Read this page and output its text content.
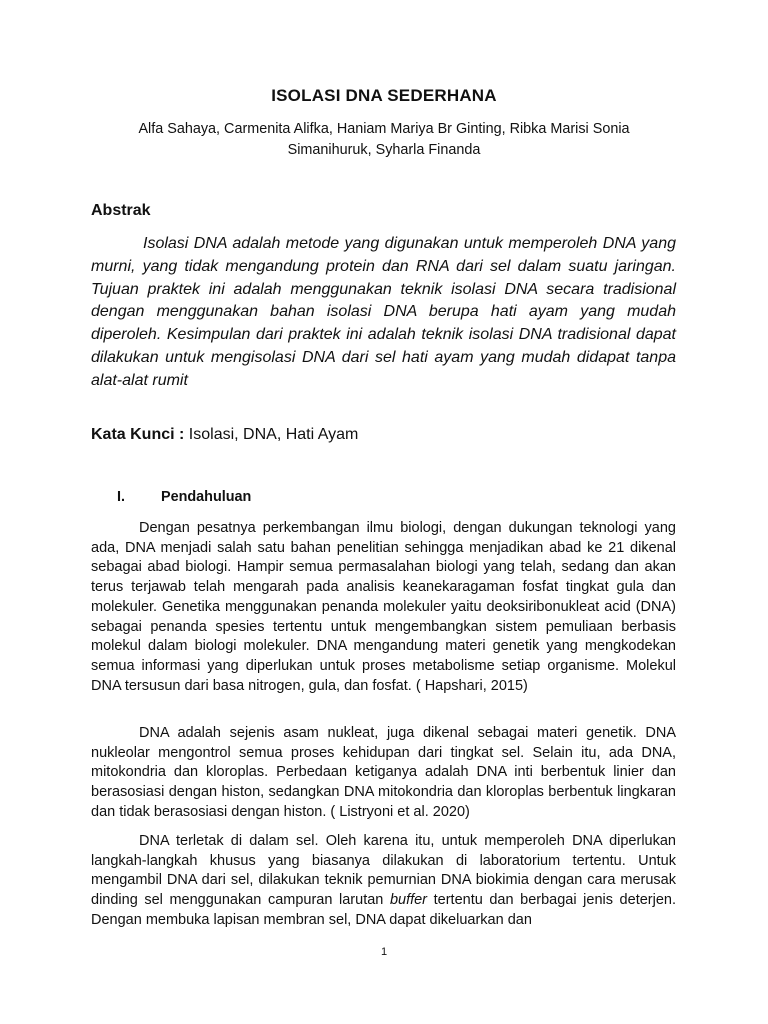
ISOLASI DNA SEDERHANA
Alfa Sahaya, Carmenita Alifka, Haniam Mariya Br Ginting, Ribka Marisi Sonia Simanihuruk, Syharla Finanda
Abstrak

Isolasi DNA adalah metode yang digunakan untuk memperoleh DNA yang murni, yang tidak mengandung protein dan RNA dari sel dalam suatu jaringan. Tujuan praktek ini adalah menggunakan teknik isolasi DNA secara tradisional dengan menggunakan bahan isolasi DNA berupa hati ayam yang mudah diperoleh. Kesimpulan dari praktek ini adalah teknik isolasi DNA tradisional dapat dilakukan untuk mengisolasi DNA dari sel hati ayam yang mudah didapat tanpa alat-alat rumit

Kata Kunci : Isolasi, DNA, Hati Ayam
I.	Pendahuluan

Dengan pesatnya perkembangan ilmu biologi, dengan dukungan teknologi yang ada, DNA menjadi salah satu bahan penelitian sehingga menjadikan abad ke 21 dikenal sebagai abad biologi. Hampir semua permasalahan biologi yang telah, sedang dan akan terus terjawab telah mengarah pada analisis keanekaragaman fosfat tingkat gula dan molekuler. Genetika menggunakan penanda molekuler yaitu deoksiribonukleat acid (DNA) sebagai penanda spesies tertentu untuk mengembangkan sistem pemuliaan berbasis molekul dalam biologi molekuler. DNA mengandung materi genetik yang mengkodekan semua informasi yang diperlukan untuk proses metabolisme setiap organisme. Molekul DNA tersusun dari basa nitrogen, gula, dan fosfat. ( Hapshari, 2015)

DNA adalah sejenis asam nukleat, juga dikenal sebagai materi genetik. DNA nukleolar mengontrol semua proses kehidupan dari tingkat sel. Selain itu, ada DNA, mitokondria dan kloroplas. Perbedaan ketiganya adalah DNA inti berbentuk linier dan berasosiasi dengan histon, sedangkan DNA mitokondria dan kloroplas berbentuk lingkaran dan tidak berasosiasi dengan histon. ( Listryoni et al. 2020)

DNA terletak di dalam sel. Oleh karena itu, untuk memperoleh DNA diperlukan langkah-langkah khusus yang biasanya dilakukan di laboratorium tertentu. Untuk mengambil DNA dari sel, dilakukan teknik pemurnian DNA biokimia dengan cara merusak dinding sel menggunakan campuran larutan buffer tertentu dan berbagai jenis deterjen. Dengan membuka lapisan membran sel, DNA dapat dikeluarkan dan

1
